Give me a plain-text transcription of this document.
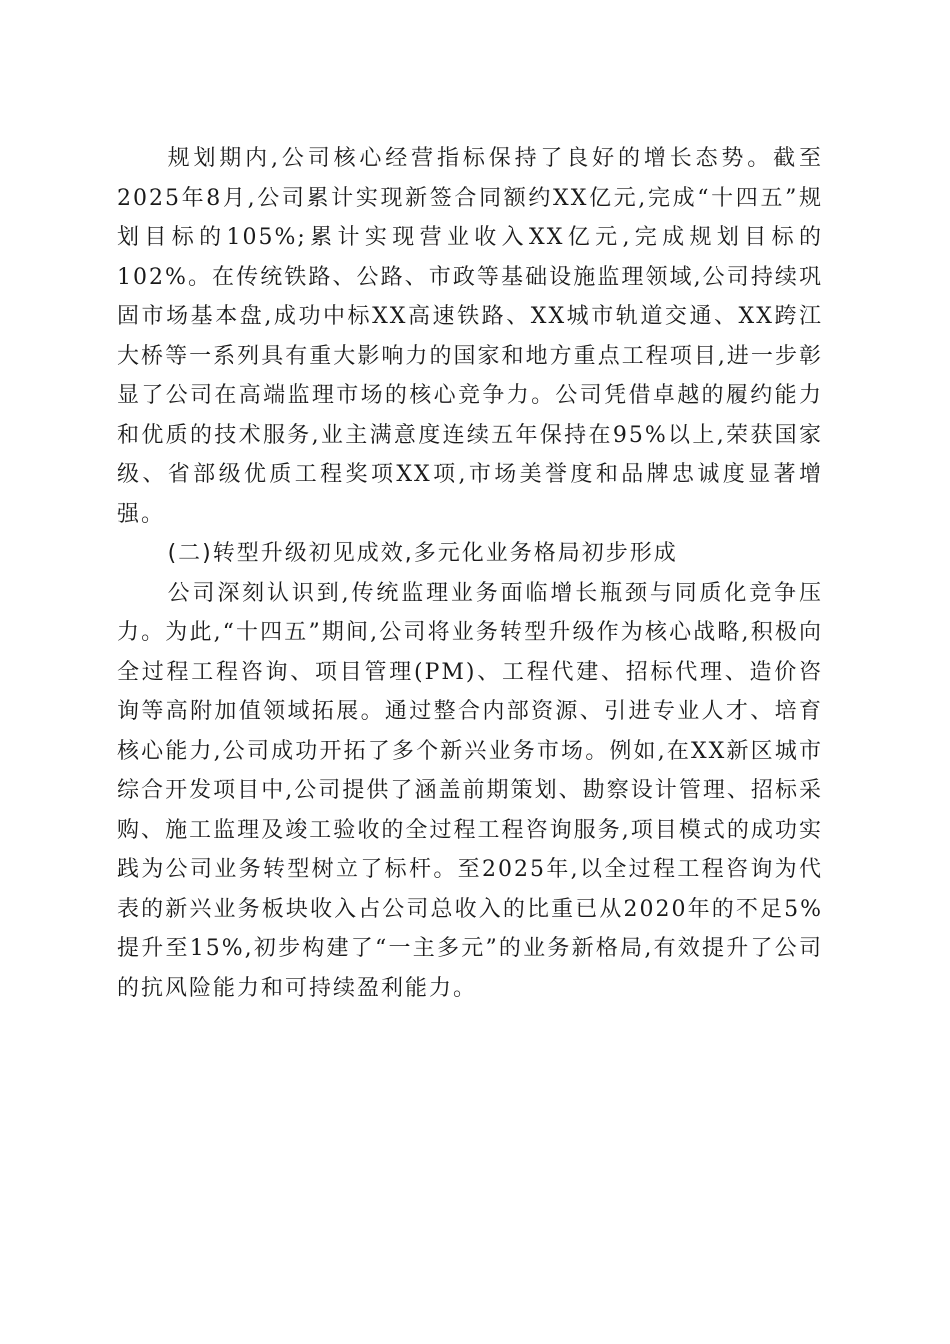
规划期内,公司核心经营指标保持了良好的增长态势。截至2025年8月,公司累计实现新签合同额约XX亿元,完成“十四五”规划目标的105%;累计实现营业收入XX亿元,完成规划目标的102%。在传统铁路、公路、市政等基础设施监理领域,公司持续巩固市场基本盘,成功中标XX高速铁路、XX城市轨道交通、XX跨江大桥等一系列具有重大影响力的国家和地方重点工程项目,进一步彰显了公司在高端监理市场的核心竞争力。公司凭借卓越的履约能力和优质的技术服务,业主满意度连续五年保持在95%以上,荣获国家级、省部级优质工程奖项XX项,市场美誉度和品牌忠诚度显著增强。

(二)转型升级初见成效,多元化业务格局初步形成

公司深刻认识到,传统监理业务面临增长瓶颈与同质化竞争压力。为此,“十四五”期间,公司将业务转型升级作为核心战略,积极向全过程工程咨询、项目管理(PM)、工程代建、招标代理、造价咨询等高附加值领域拓展。通过整合内部资源、引进专业人才、培育核心能力,公司成功开拓了多个新兴业务市场。例如,在XX新区城市综合开发项目中,公司提供了涵盖前期策划、勘察设计管理、招标采购、施工监理及竣工验收的全过程工程咨询服务,项目模式的成功实践为公司业务转型树立了标杆。至2025年,以全过程工程咨询为代表的新兴业务板块收入占公司总收入的比重已从2020年的不足5%提升至15%,初步构建了“一主多元”的业务新格局,有效提升了公司的抗风险能力和可持续盈利能力。
